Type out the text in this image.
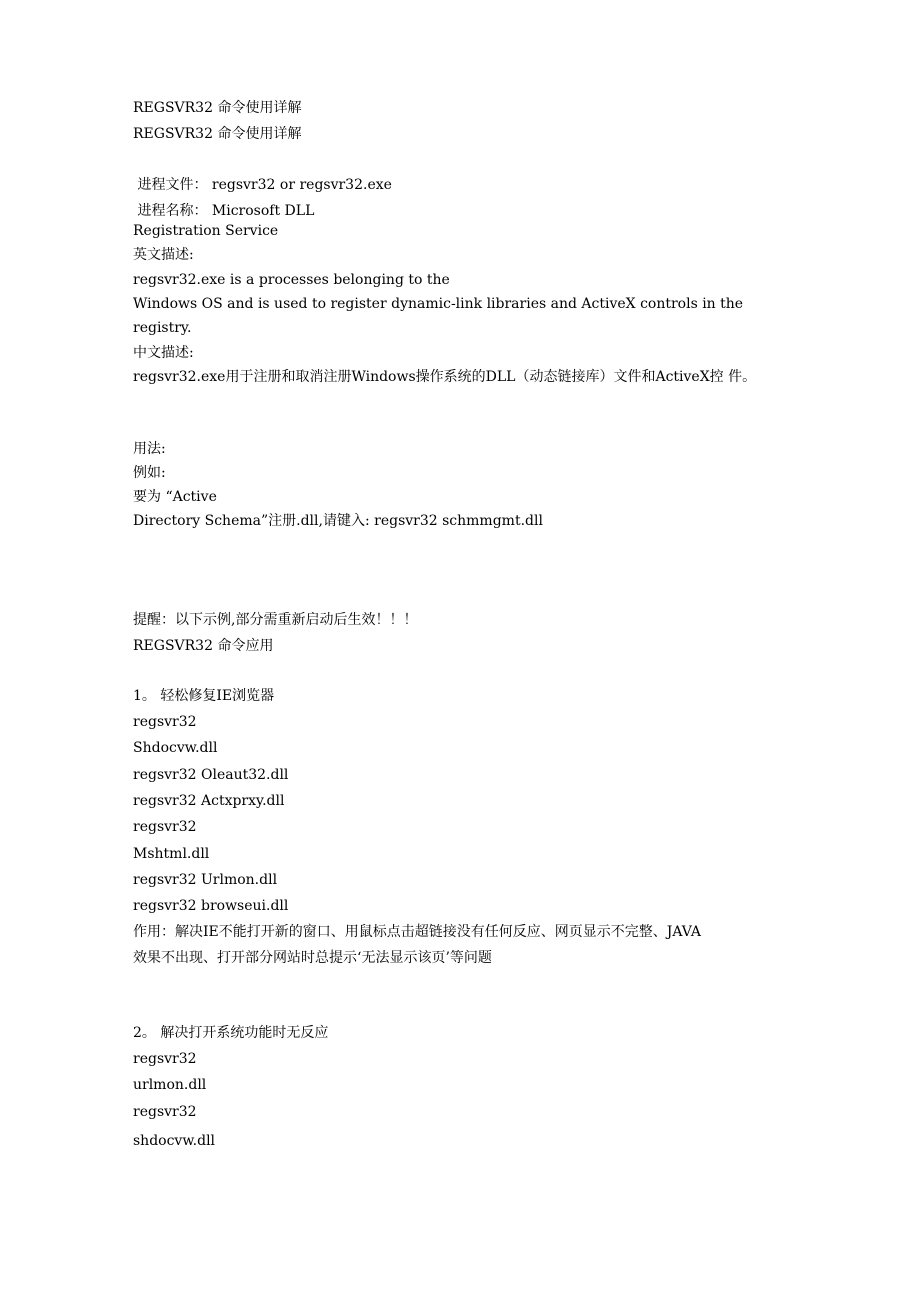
REGSVR32 命令使用详解
REGSVR32 命令使用详解
进程文件： regsvr32 or regsvr32.exe
进程名称： Microsoft DLL
Registration Service
英文描述:
regsvr32.exe is a processes belonging to the
Windows OS and is used to register dynamic-link libraries and ActiveX controls in the
registry.
中文描述:
regsvr32.exe用于注册和取消注册Windows操作系统的DLL（动态链接库）文件和ActiveX控 件。
用法:
例如:
要为 “Active
Directory Schema”注册.dll,请键入: regsvr32 schmmgmt.dll
提醒：以下示例,部分需重新启动后生效！！！
REGSVR32 命令应用
1。 轻松修复IE浏览器
regsvr32
Shdocvw.dll
regsvr32 Oleaut32.dll
regsvr32 Actxprxy.dll
regsvr32
Mshtml.dll
regsvr32 Urlmon.dll
regsvr32 browseui.dll
作用：解决IE不能打开新的窗口、用鼠标点击超链接没有任何反应、网页显示不完整、JAVA
效果不出现、打开部分网站时总提示‘无法显示该页’等问题
2。 解决打开系统功能时无反应
regsvr32
urlmon.dll
regsvr32
shdocvw.dll
